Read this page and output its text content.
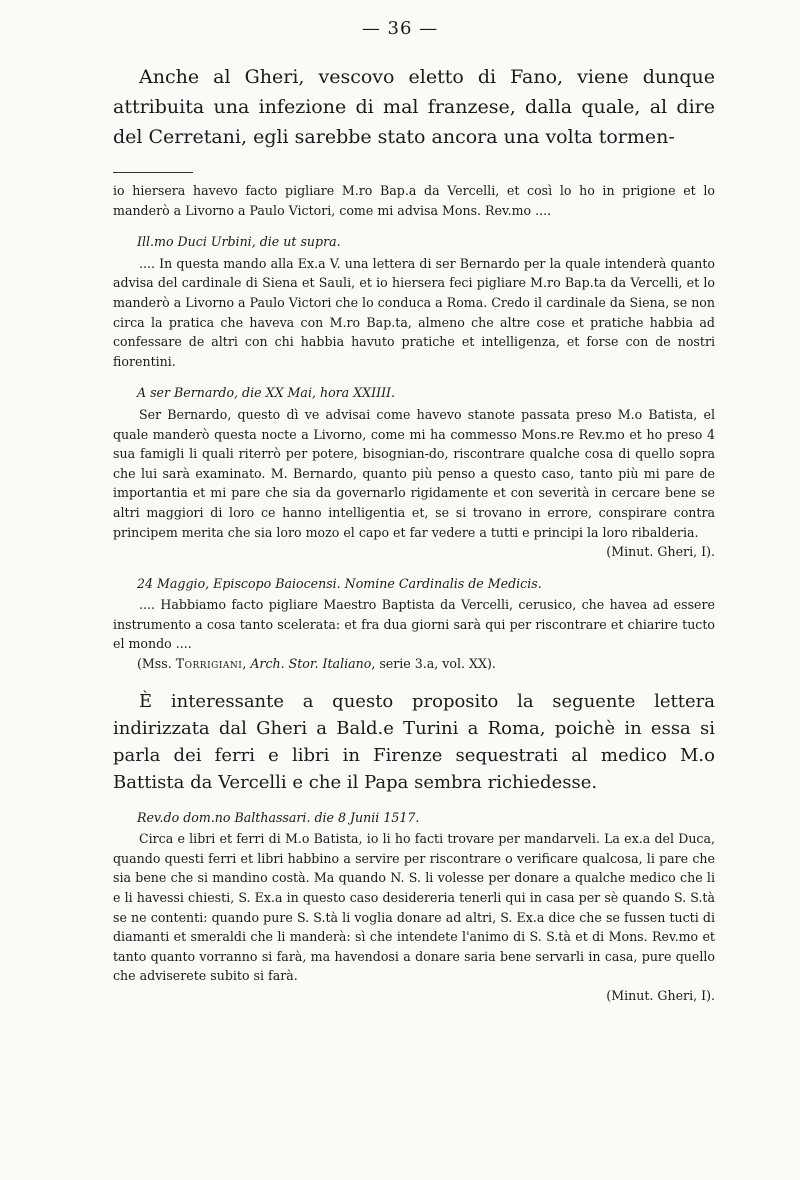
— 36 —

Anche al Gheri, vescovo eletto di Fano, viene dunque attribuita una infezione di mal franzese, dalla quale, al dire del Cerretani, egli sarebbe stato ancora una volta tormen-

io hiersera havevo facto pigliare M.ro Bap.a da Vercelli, et così lo ho in prigione et lo manderò a Livorno a Paulo Victori, come mi advisa Mons. Rev.mo ....

Ill.mo Duci Urbini, die ut supra.

.... In questa mando alla Ex.a V. una lettera di ser Bernardo per la quale intenderà quanto advisa del cardinale di Siena et Sauli, et io hiersera feci pigliare M.ro Bap.ta da Vercelli, et lo manderò a Livorno a Paulo Victori che lo conduca a Roma. Credo il cardinale da Siena, se non circa la pratica che haveva con M.ro Bap.ta, almeno che altre cose et pratiche habbia ad confessare de altri con chi habbia havuto pratiche et intelligenza, et forse con de nostri fiorentini.

A ser Bernardo, die XX Mai, hora XXIIII.

Ser Bernardo, questo dì ve advisai come havevo stanote passata preso M.o Batista, el quale manderò questa nocte a Livorno, come mi ha commesso Mons.re Rev.mo et ho preso 4 sua famigli li quali riterrò per potere, bisognian-do, riscontrare qualche cosa di quello sopra che lui sarà examinato. M. Bernardo, quanto più penso a questo caso, tanto più mi pare de importantia et mi pare che sia da governarlo rigidamente et con severità in cercare bene se altri maggiori di loro ce hanno intelligentia et, se si trovano in errore, conspirare contra principem merita che sia loro mozo el capo et far vedere a tutti e principi la loro ribalderia.

(Minut. Gheri, I).

24 Maggio, Episcopo Baiocensi. Nomine Cardinalis de Medicis.

.... Habbiamo facto pigliare Maestro Baptista da Vercelli, cerusico, che havea ad essere instrumento a cosa tanto scelerata: et fra dua giorni sarà qui per riscontrare et chiarire tucto el mondo ....

(Mss. Torrigiani, Arch. Stor. Italiano, serie 3.a, vol. XX).

È interessante a questo proposito la seguente lettera indirizzata dal Gheri a Bald.e Turini a Roma, poichè in essa si parla dei ferri e libri in Firenze sequestrati al medico M.o Battista da Vercelli e che il Papa sembra richiedesse.

Rev.do dom.no Balthassari. die 8 Junii 1517.

Circa e libri et ferri di M.o Batista, io li ho facti trovare per mandarveli. La ex.a del Duca, quando questi ferri et libri habbino a servire per riscontrare o verificare qualcosa, li pare che sia bene che si mandino costà. Ma quando N. S. li volesse per donare a qualche medico che li e li havessi chiesti, S. Ex.a in questo caso desidereria tenerli qui in casa per sè quando S. S.tà se ne contenti: quando pure S. S.tà li voglia donare ad altri, S. Ex.a dice che se fussen tucti di diamanti et smeraldi che li manderà: sì che intendete l'animo di S. S.tà et di Mons. Rev.mo et tanto quanto vorranno si farà, ma havendosi a donare saria bene servarli in casa, pure quello che adviserete subito si farà.

(Minut. Gheri, I).
